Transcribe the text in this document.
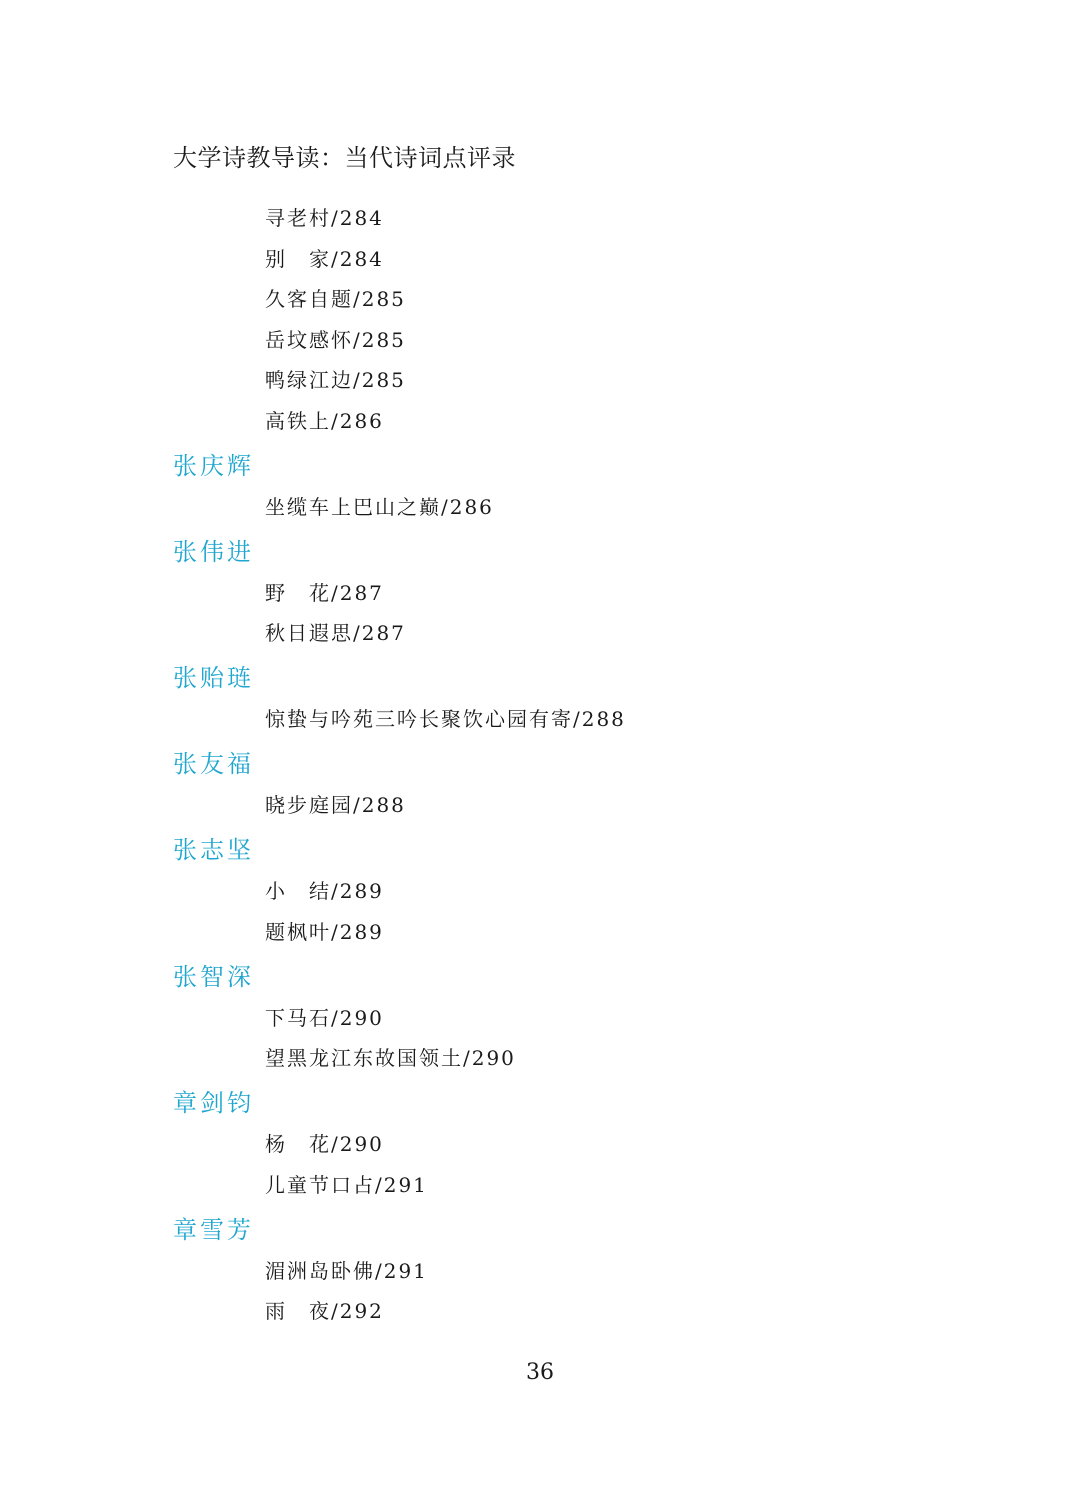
大学诗教导读：当代诗词点评录
寻老村/284
别　家/284
久客自题/285
岳坟感怀/285
鸭绿江边/285
高铁上/286
张庆辉
坐缆车上巴山之巅/286
张伟进
野　花/287
秋日遐思/287
张贻琏
惊蛰与吟苑三吟长聚饮心园有寄/288
张友福
晓步庭园/288
张志坚
小　结/289
题枫叶/289
张智深
下马石/290
望黑龙江东故国领土/290
章剑钧
杨　花/290
儿童节口占/291
章雪芳
湄洲岛卧佛/291
雨　夜/292
36
